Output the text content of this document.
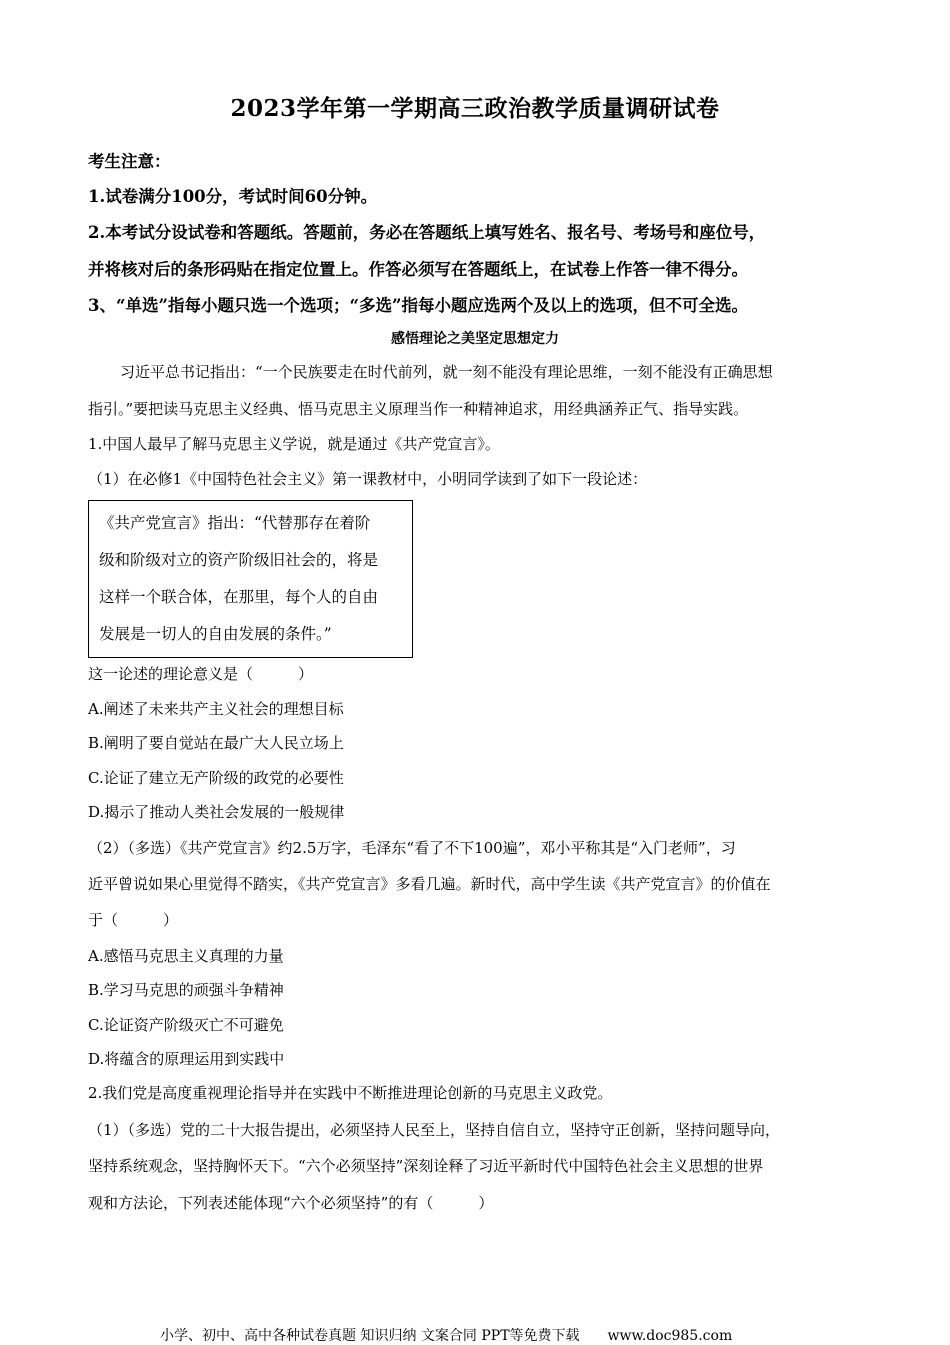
2023学年第一学期高三政治教学质量调研试卷
考生注意：
1.试卷满分100分，考试时间60分钟。
2.本考试分设试卷和答题纸。答题前，务必在答题纸上填写姓名、报名号、考场号和座位号，
并将核对后的条形码贴在指定位置上。作答必须写在答题纸上，在试卷上作答一律不得分。
3、“单选”指每小题只选一个选项；“多选”指每小题应选两个及以上的选项，但不可全选。
感悟理论之美坚定思想定力
习近平总书记指出：“一个民族要走在时代前列，就一刻不能没有理论思维，一刻不能没有正确思想
指引。”要把读马克思主义经典、悟马克思主义原理当作一种精神追求，用经典涵养正气、指导实践。
1.中国人最早了解马克思主义学说，就是通过《共产党宣言》。
（1）在必修1《中国特色社会主义》第一课教材中，小明同学读到了如下一段论述：
《共产党宣言》指出：“代替那存在着阶
级和阶级对立的资产阶级旧社会的，将是
这样一个联合体，在那里，每个人的自由
发展是一切人的自由发展的条件。”
这一论述的理论意义是（　　　）
A.阐述了未来共产主义社会的理想目标
B.阐明了要自觉站在最广大人民立场上
C.论证了建立无产阶级的政党的必要性
D.揭示了推动人类社会发展的一般规律
（2）（多选）《共产党宣言》约2.5万字，毛泽东“看了不下100遍”，邓小平称其是“入门老师”，习
近平曾说如果心里觉得不踏实，《共产党宣言》多看几遍。新时代，高中学生读《共产党宣言》的价值在
于（　　　）
A.感悟马克思主义真理的力量
B.学习马克思的顽强斗争精神
C.论证资产阶级灭亡不可避免
D.将蕴含的原理运用到实践中
2.我们党是高度重视理论指导并在实践中不断推进理论创新的马克思主义政党。
（1）（多选）党的二十大报告提出，必须坚持人民至上，坚持自信自立，坚持守正创新，坚持问题导向，
坚持系统观念，坚持胸怀天下。“六个必须坚持”深刻诠释了习近平新时代中国特色社会主义思想的世界
观和方法论，下列表述能体现“六个必须坚持”的有（　　　）
小学、初中、高中各种试卷真题 知识归纳 文案合同 PPT等免费下载　　www.doc985.com
